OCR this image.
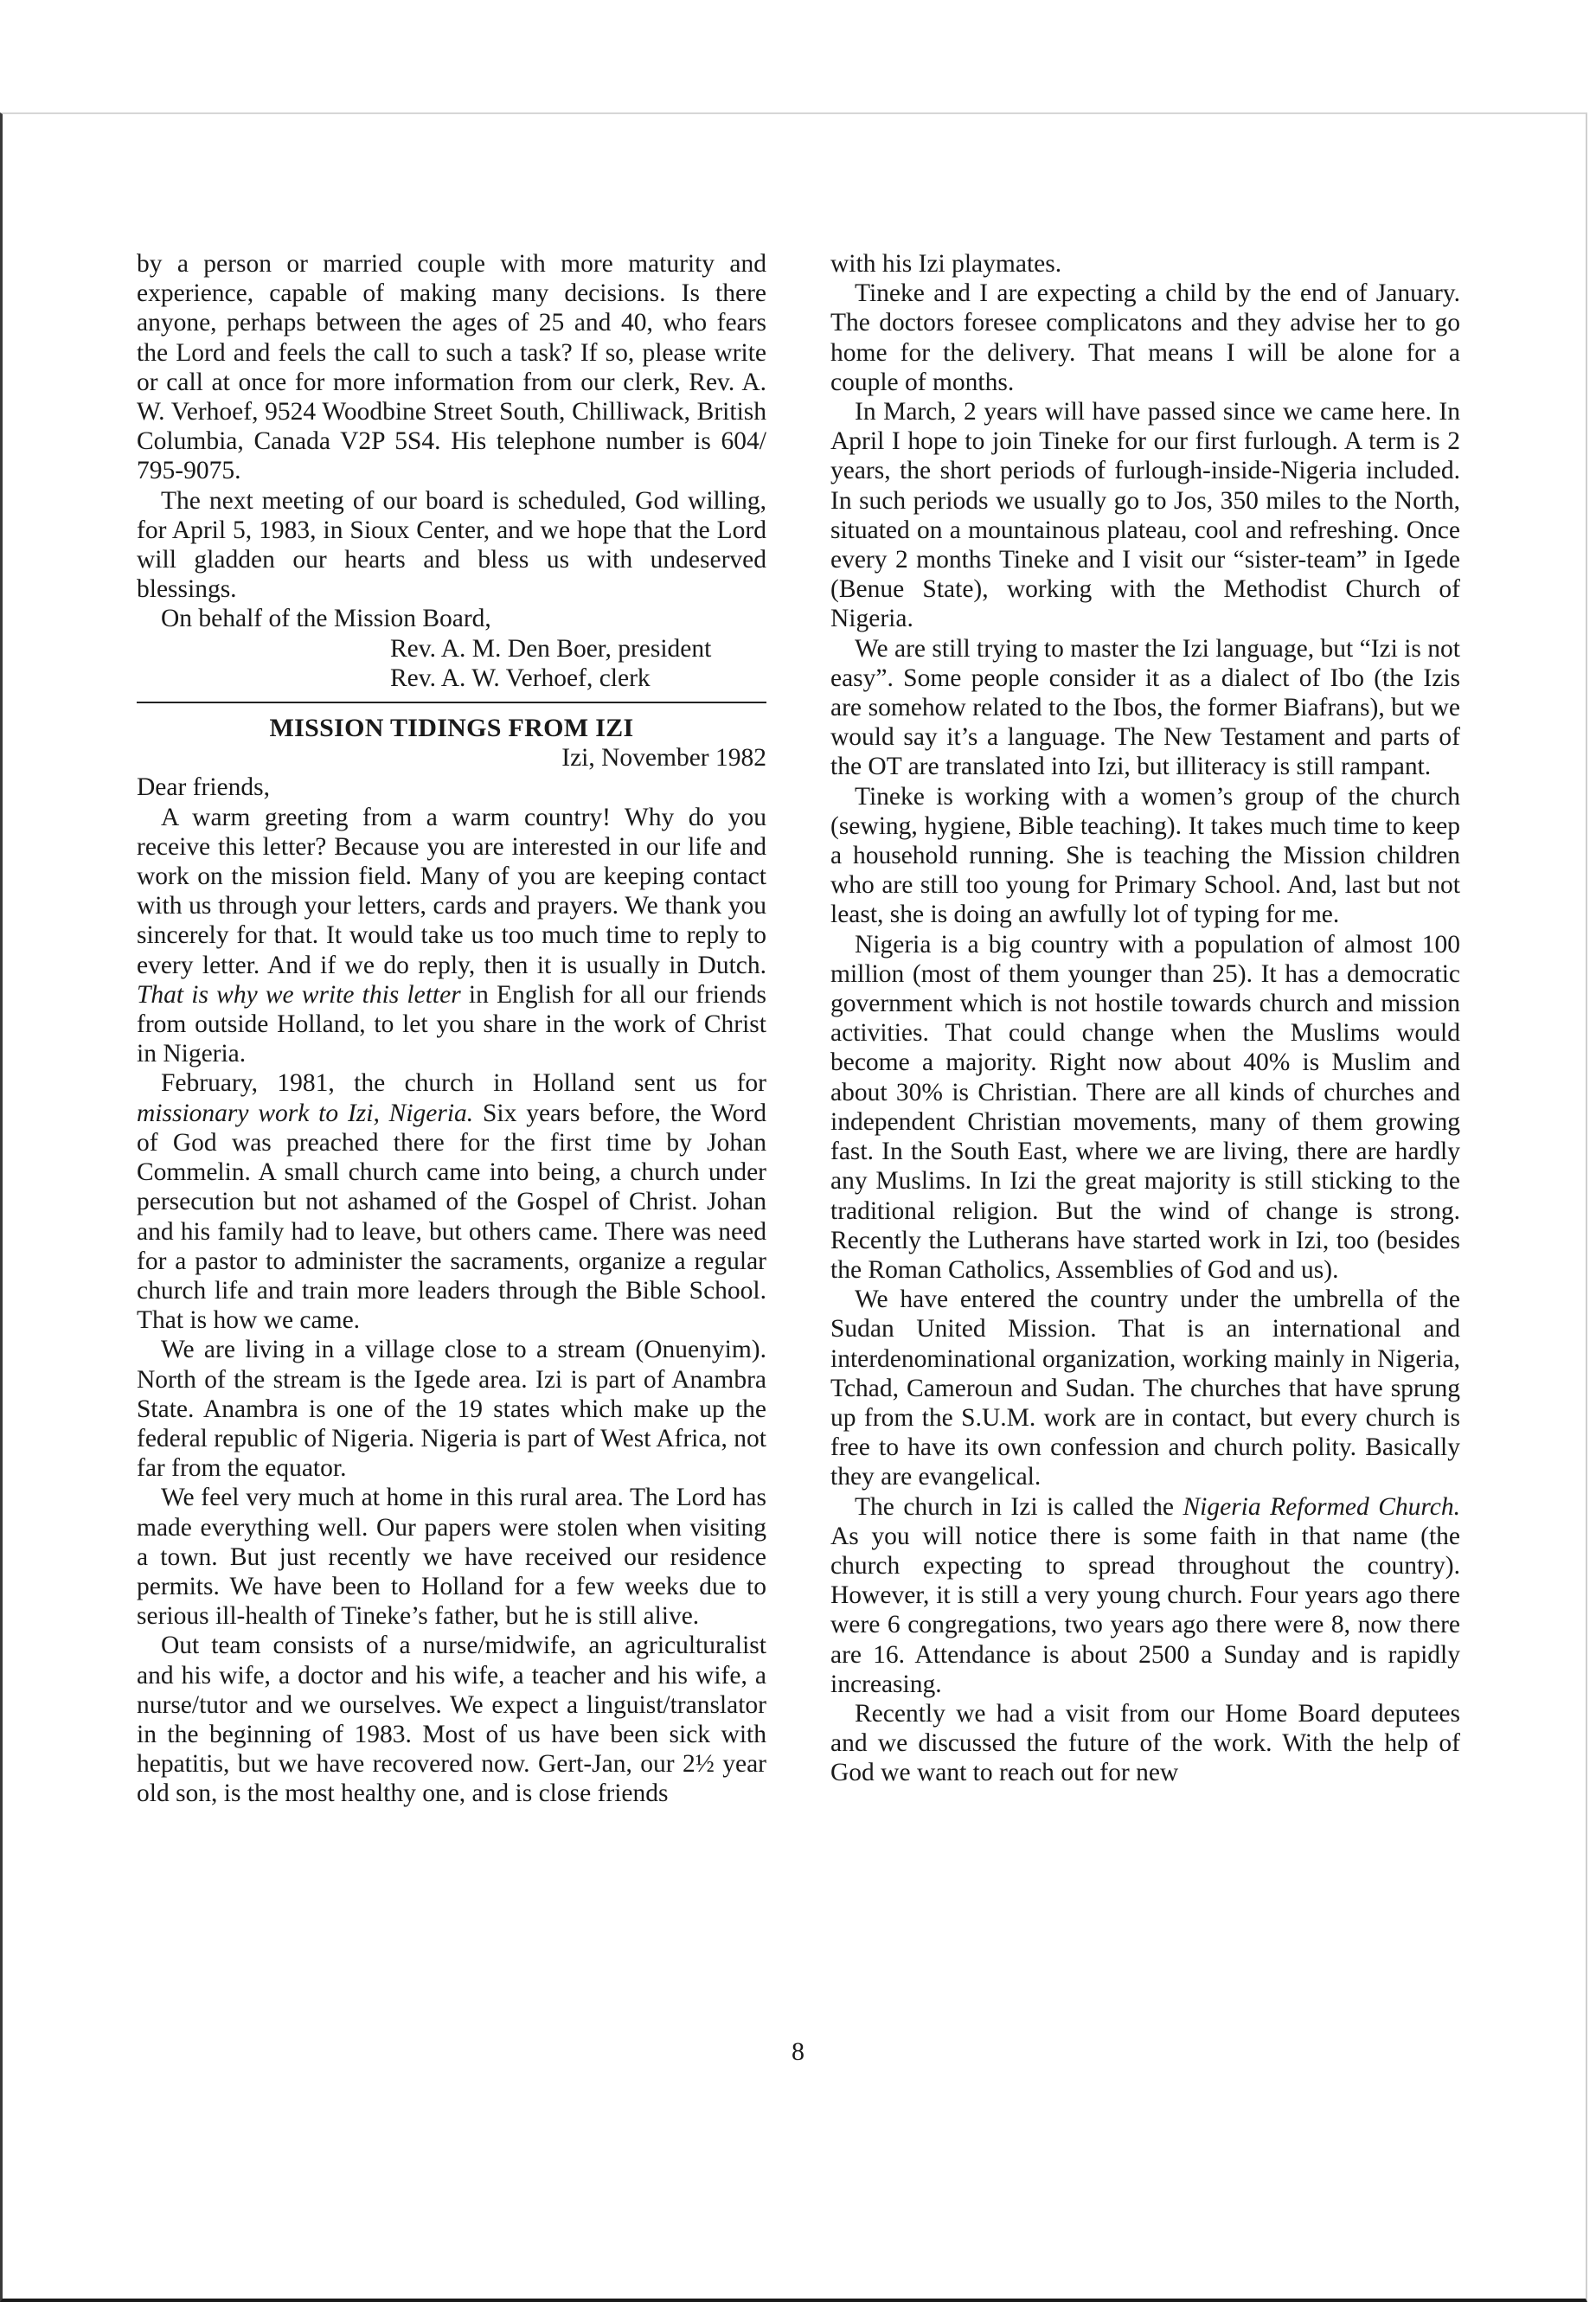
by a person or married couple with more maturity and experience, capable of making many decisions. Is there anyone, perhaps between the ages of 25 and 40, who fears the Lord and feels the call to such a task? If so, please write or call at once for more information from our clerk, Rev. A. W. Verhoef, 9524 Woodbine Street South, Chilliwack, British Columbia, Canada V2P 5S4. His telephone number is 604/ 795-9075.

The next meeting of our board is scheduled, God willing, for April 5, 1983, in Sioux Center, and we hope that the Lord will gladden our hearts and bless us with undeserved blessings.

On behalf of the Mission Board,

Rev. A. M. Den Boer, president

Rev. A. W. Verhoef, clerk

MISSION TIDINGS FROM IZI

Izi, November 1982

Dear friends,

A warm greeting from a warm country! Why do you receive this letter? Because you are interested in our life and work on the mission field. Many of you are keeping contact with us through your letters, cards and prayers. We thank you sincerely for that. It would take us too much time to reply to every letter. And if we do reply, then it is usually in Dutch. That is why we write this letter in English for all our friends from outside Holland, to let you share in the work of Christ in Nigeria.

February, 1981, the church in Holland sent us for missionary work to Izi, Nigeria. Six years before, the Word of God was preached there for the first time by Johan Commelin. A small church came into being, a church under persecution but not ashamed of the Gospel of Christ. Johan and his family had to leave, but others came. There was need for a pastor to administer the sacraments, organize a regular church life and train more leaders through the Bible School. That is how we came.

We are living in a village close to a stream (Onuenyim). North of the stream is the Igede area. Izi is part of Anambra State. Anambra is one of the 19 states which make up the federal republic of Nigeria. Nigeria is part of West Africa, not far from the equator.

We feel very much at home in this rural area. The Lord has made everything well. Our papers were stolen when visiting a town. But just recently we have received our residence permits. We have been to Holland for a few weeks due to serious ill-health of Tineke’s father, but he is still alive.

Out team consists of a nurse/midwife, an agriculturalist and his wife, a doctor and his wife, a teacher and his wife, a nurse/tutor and we ourselves. We expect a linguist/translator in the beginning of 1983. Most of us have been sick with hepatitis, but we have recovered now. Gert-Jan, our 2½ year old son, is the most healthy one, and is close friends

with his Izi playmates.

Tineke and I are expecting a child by the end of January. The doctors foresee complicatons and they advise her to go home for the delivery. That means I will be alone for a couple of months.

In March, 2 years will have passed since we came here. In April I hope to join Tineke for our first furlough. A term is 2 years, the short periods of furlough-inside-Nigeria included. In such periods we usually go to Jos, 350 miles to the North, situated on a mountainous plateau, cool and refreshing. Once every 2 months Tineke and I visit our “sister-team” in Igede (Benue State), working with the Methodist Church of Nigeria.

We are still trying to master the Izi language, but “Izi is not easy”. Some people consider it as a dialect of Ibo (the Izis are somehow related to the Ibos, the former Biafrans), but we would say it’s a language. The New Testament and parts of the OT are translated into Izi, but illiteracy is still rampant.

Tineke is working with a women’s group of the church (sewing, hygiene, Bible teaching). It takes much time to keep a household running. She is teaching the Mission children who are still too young for Primary School. And, last but not least, she is doing an awfully lot of typing for me.

Nigeria is a big country with a population of almost 100 million (most of them younger than 25). It has a democratic government which is not hostile towards church and mission activities. That could change when the Muslims would become a majority. Right now about 40% is Muslim and about 30% is Christian. There are all kinds of churches and independent Christian movements, many of them growing fast. In the South East, where we are living, there are hardly any Muslims. In Izi the great majority is still sticking to the traditional religion. But the wind of change is strong. Recently the Lutherans have started work in Izi, too (besides the Roman Catholics, Assemblies of God and us).

We have entered the country under the umbrella of the Sudan United Mission. That is an international and interdenominational organization, working mainly in Nigeria, Tchad, Cameroun and Sudan. The churches that have sprung up from the S.U.M. work are in contact, but every church is free to have its own confession and church polity. Basically they are evangelical.

The church in Izi is called the Nigeria Reformed Church. As you will notice there is some faith in that name (the church expecting to spread throughout the country). However, it is still a very young church. Four years ago there were 6 congregations, two years ago there were 8, now there are 16. Attendance is about 2500 a Sunday and is rapidly increasing.

Recently we had a visit from our Home Board deputees and we discussed the future of the work. With the help of God we want to reach out for new

8
